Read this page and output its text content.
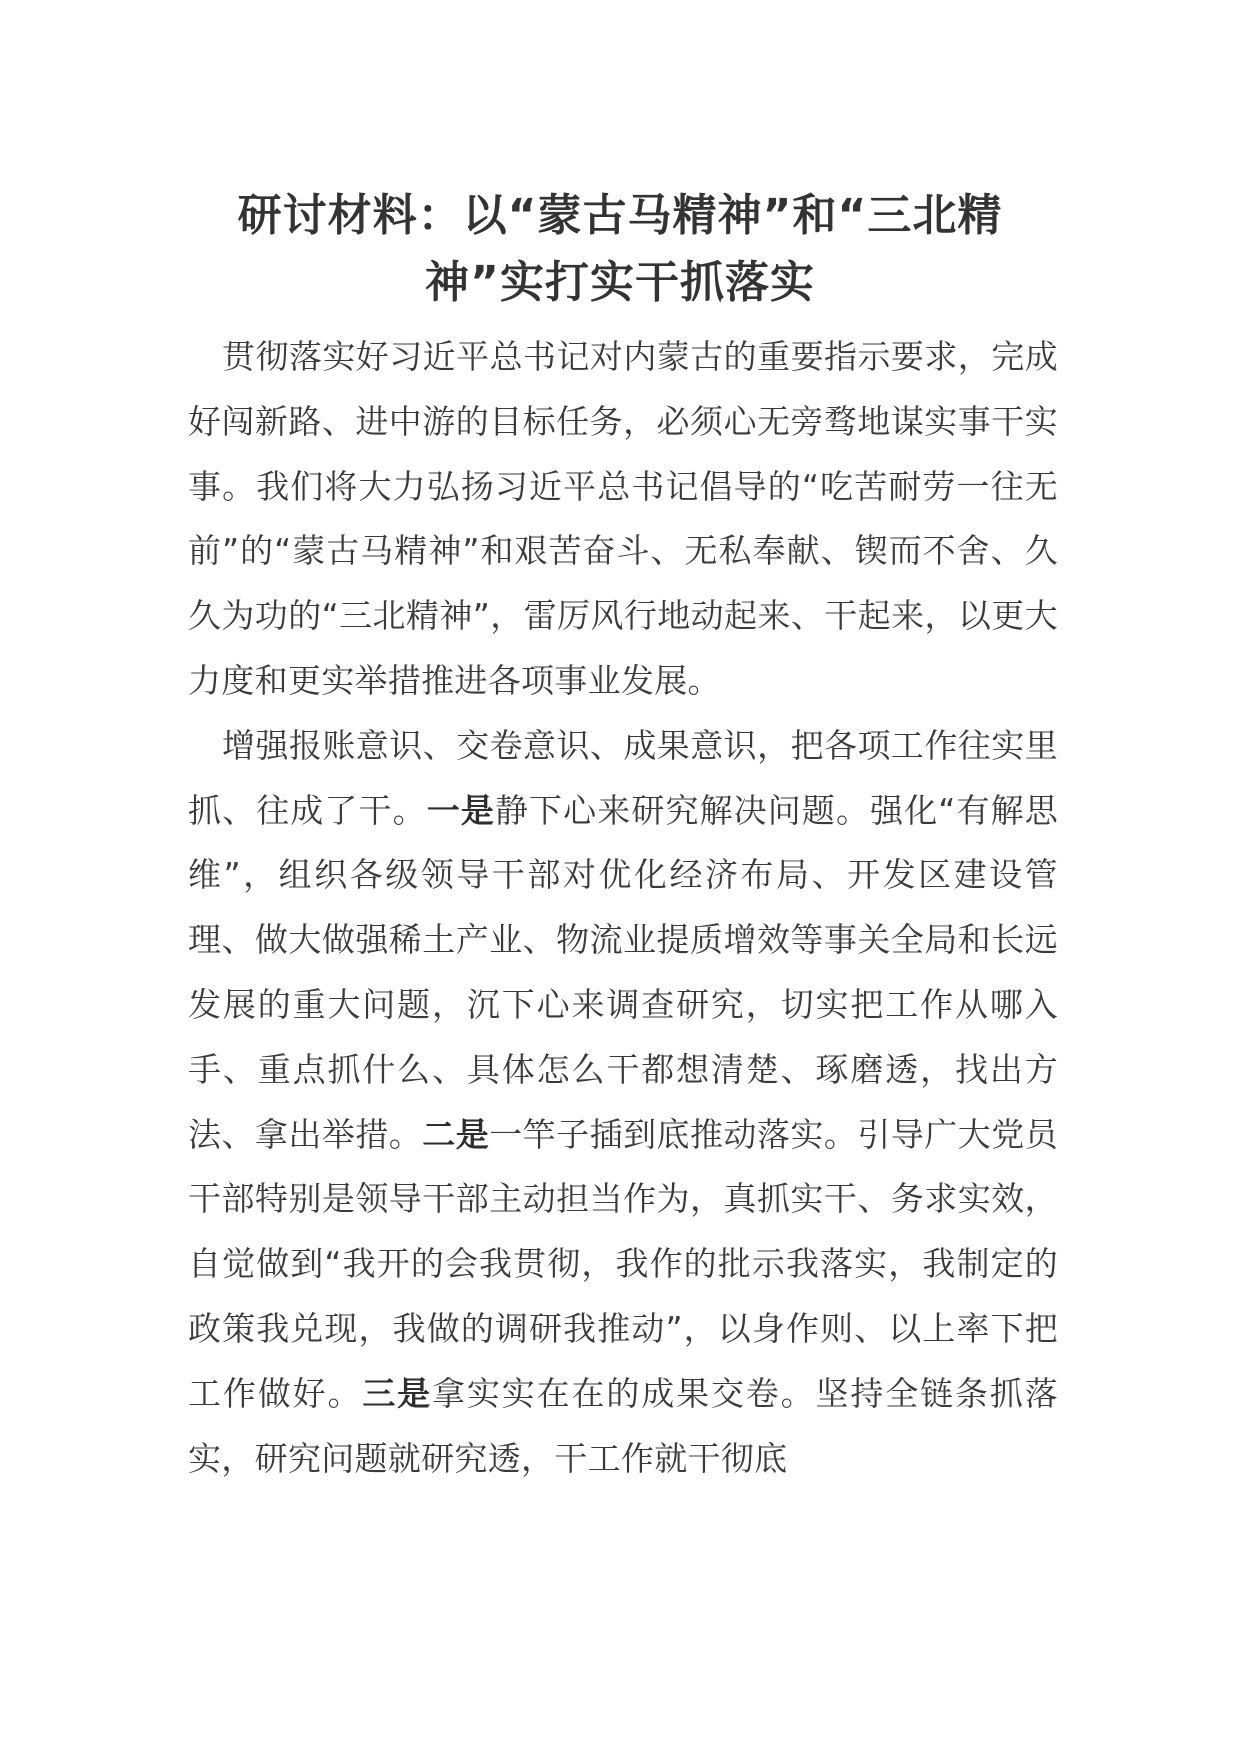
研讨材料：以“蒙古马精神”和“三北精神”实打实干抓落实

贯彻落实好习近平总书记对内蒙古的重要指示要求，完成好闯新路、进中游的目标任务，必须心无旁骛地谋实事干实事。我们将大力弘扬习近平总书记倡导的“吃苦耐劳一往无前”的“蒙古马精神”和艰苦奋斗、无私奉献、锲而不舍、久久为功的“三北精神”，雷厉风行地动起来、干起来，以更大力度和更实举措推进各项事业发展。

增强报账意识、交卷意识、成果意识，把各项工作往实里抓、往成了干。一是静下心来研究解决问题。强化“有解思维”，组织各级领导干部对优化经济布局、开发区建设管理、做大做强稀土产业、物流业提质增效等事关全局和长远发展的重大问题，沉下心来调查研究，切实把工作从哪入手、重点抓什么、具体怎么干都想清楚、琢磨透，找出方法、拿出举措。二是一竿子插到底推动落实。引导广大党员干部特别是领导干部主动担当作为，真抓实干、务求实效，自觉做到“我开的会我贯彻，我作的批示我落实，我制定的政策我兑现，我做的调研我推动”，以身作则、以上率下把工作做好。三是拿实实在在的成果交卷。坚持全链条抓落实，研究问题就研究透，干工作就干彻底
